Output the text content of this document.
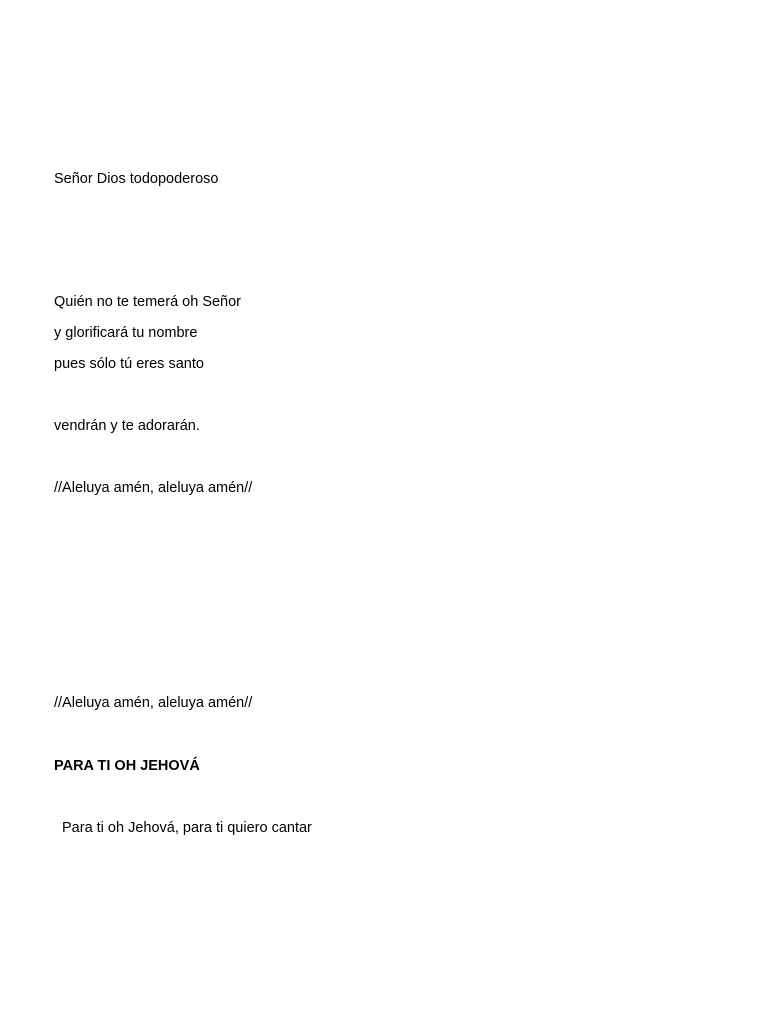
Señor Dios todopoderoso
Quién no te temerá oh Señor
y glorificará tu nombre
pues sólo tú eres santo
vendrán y te adorarán.
//Aleluya amén, aleluya amén//
//Aleluya amén, aleluya amén//
PARA TI OH JEHOVÁ
Para ti oh Jehová, para ti quiero cantar
